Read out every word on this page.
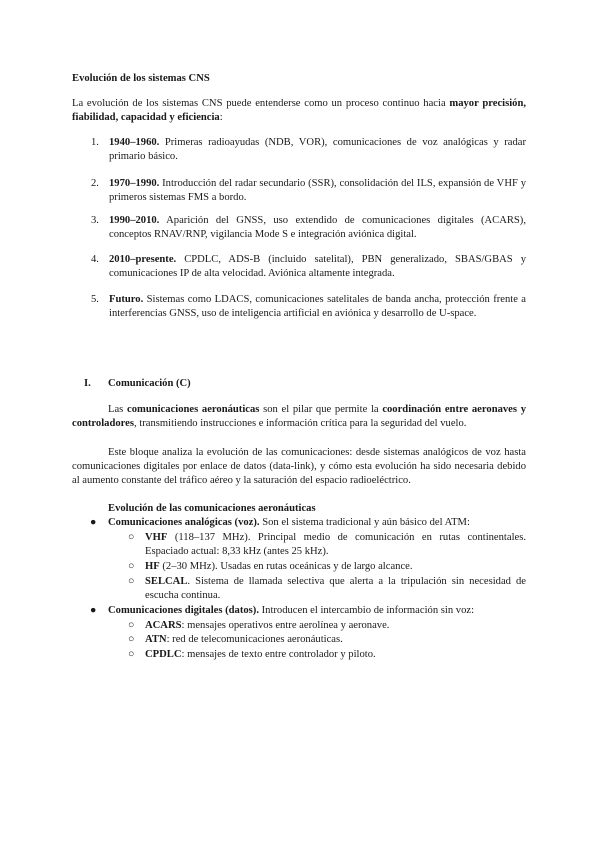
Evolución de los sistemas CNS
La evolución de los sistemas CNS puede entenderse como un proceso continuo hacia mayor precisión, fiabilidad, capacidad y eficiencia:
1. 1940–1960. Primeras radioayudas (NDB, VOR), comunicaciones de voz analógicas y radar primario básico.
2. 1970–1990. Introducción del radar secundario (SSR), consolidación del ILS, expansión de VHF y primeros sistemas FMS a bordo.
3. 1990–2010. Aparición del GNSS, uso extendido de comunicaciones digitales (ACARS), conceptos RNAV/RNP, vigilancia Mode S e integración aviónica digital.
4. 2010–presente. CPDLC, ADS-B (incluido satelital), PBN generalizado, SBAS/GBAS y comunicaciones IP de alta velocidad. Aviónica altamente integrada.
5. Futuro. Sistemas como LDACS, comunicaciones satelitales de banda ancha, protección frente a interferencias GNSS, uso de inteligencia artificial en aviónica y desarrollo de U-space.
I. Comunicación (C)
Las comunicaciones aeronáuticas son el pilar que permite la coordinación entre aeronaves y controladores, transmitiendo instrucciones e información crítica para la seguridad del vuelo.
Este bloque analiza la evolución de las comunicaciones: desde sistemas analógicos de voz hasta comunicaciones digitales por enlace de datos (data-link), y cómo esta evolución ha sido necesaria debido al aumento constante del tráfico aéreo y la saturación del espacio radioeléctrico.
Evolución de las comunicaciones aeronáuticas
● Comunicaciones analógicas (voz). Son el sistema tradicional y aún básico del ATM:
○ VHF (118–137 MHz). Principal medio de comunicación en rutas continentales. Espaciado actual: 8,33 kHz (antes 25 kHz).
○ HF (2–30 MHz). Usadas en rutas oceánicas y de largo alcance.
○ SELCAL. Sistema de llamada selectiva que alerta a la tripulación sin necesidad de escucha continua.
● Comunicaciones digitales (datos). Introducen el intercambio de información sin voz:
○ ACARS: mensajes operativos entre aerolínea y aeronave.
○ ATN: red de telecomunicaciones aeronáuticas.
○ CPDLC: mensajes de texto entre controlador y piloto.
